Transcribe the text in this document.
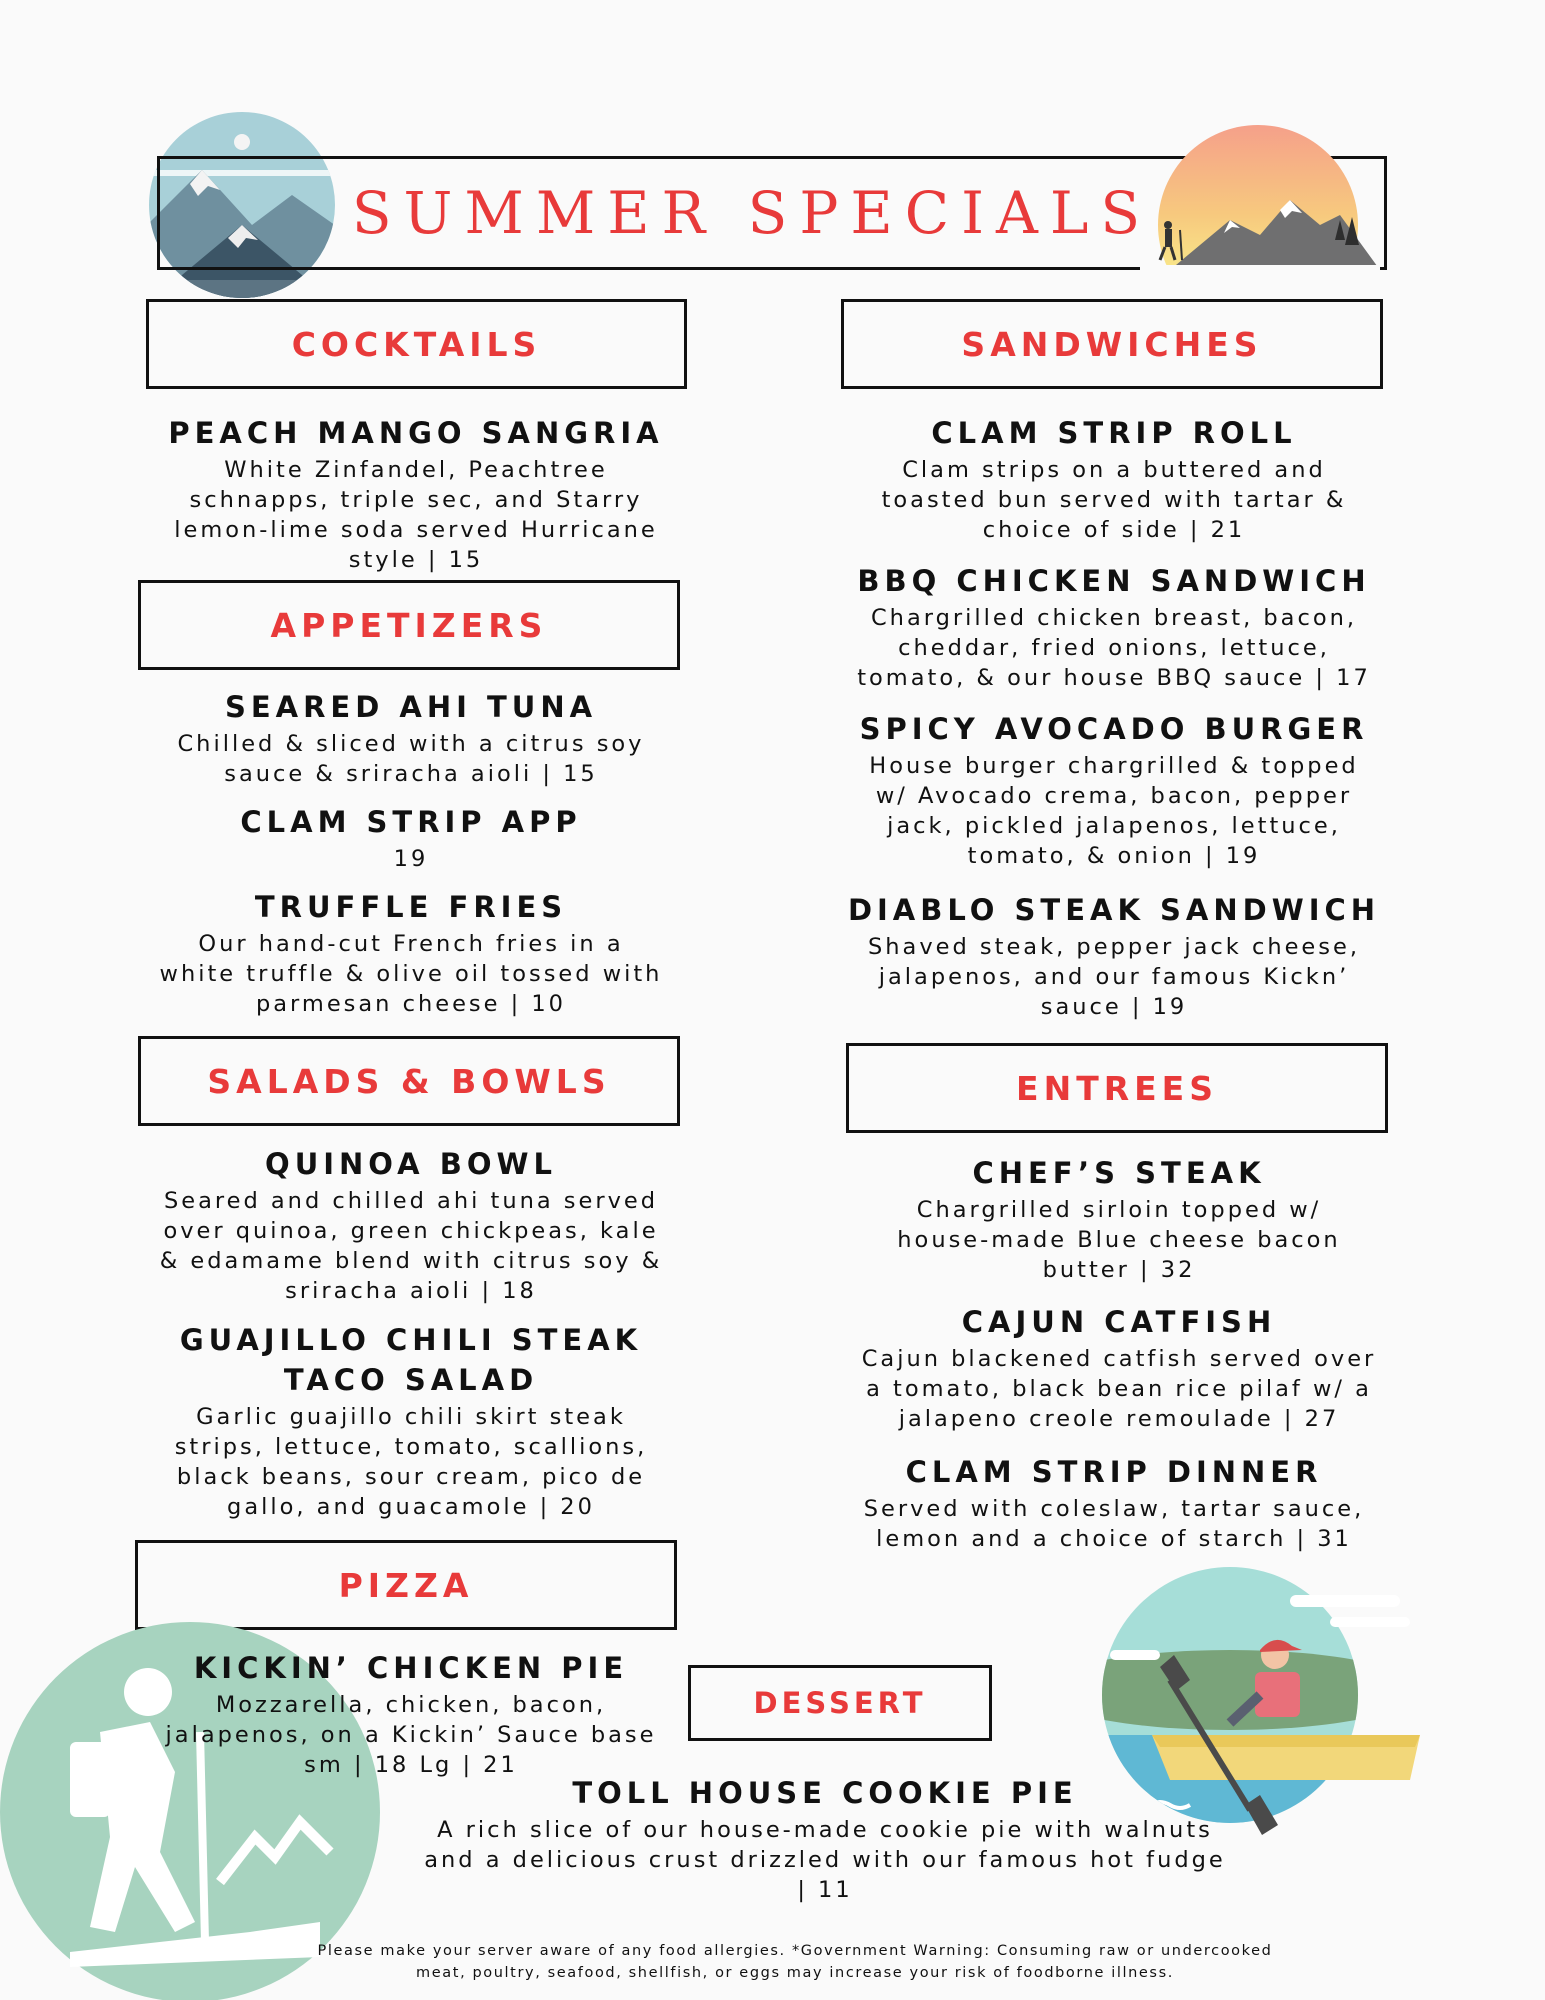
SUMMER SPECIALS
COCKTAILS	SANDWICHES
APPETIZERS
SALADS & BOWLS	ENTREES
PIZZA
DESSERT
PEACH MANGO SANGRIA
White Zinfandel, Peachtree
schnapps, triple sec, and Starry
lemon-lime soda served Hurricane
style | 15
SEARED AHI TUNA
Chilled & sliced with a citrus soy
sauce & sriracha aioli | 15
CLAM STRIP APP
19
TRUFFLE FRIES
Our hand-cut French fries in a
white truffle & olive oil tossed with
parmesan cheese | 10
QUINOA BOWL
Seared and chilled ahi tuna served
over quinoa, green chickpeas, kale
& edamame blend with citrus soy &
sriracha aioli | 18
GUAJILLO CHILI STEAK
TACO SALAD
Garlic guajillo chili skirt steak
strips, lettuce, tomato, scallions,
black beans, sour cream, pico de
gallo, and guacamole | 20
KICKIN’ CHICKEN PIE
Mozzarella, chicken, bacon,
jalapenos, on a Kickin’ Sauce base
sm | 18 Lg | 21
CLAM STRIP ROLL
Clam strips on a buttered and
toasted bun served with tartar &
choice of side | 21
BBQ CHICKEN SANDWICH
Chargrilled chicken breast, bacon,
cheddar, fried onions, lettuce,
tomato, & our house BBQ sauce | 17
SPICY AVOCADO BURGER
House burger chargrilled & topped
w/ Avocado crema, bacon, pepper
jack, pickled jalapenos, lettuce,
tomato, & onion | 19
DIABLO STEAK SANDWICH
Shaved steak, pepper jack cheese,
jalapenos, and our famous Kickn’
sauce | 19
CHEF’S STEAK
Chargrilled sirloin topped w/
house-made Blue cheese bacon
butter | 32
CAJUN CATFISH
Cajun blackened catfish served over
a tomato, black bean rice pilaf w/ a
jalapeno creole remoulade | 27
CLAM STRIP DINNER
Served with coleslaw, tartar sauce,
lemon and a choice of starch | 31
TOLL HOUSE COOKIE PIE
A rich slice of our house-made cookie pie with walnuts
and a delicious crust drizzled with our famous hot fudge
| 11
Please make your server aware of any food allergies. *Government Warning: Consuming raw or undercooked
meat, poultry, seafood, shellfish, or eggs may increase your risk of foodborne illness.
